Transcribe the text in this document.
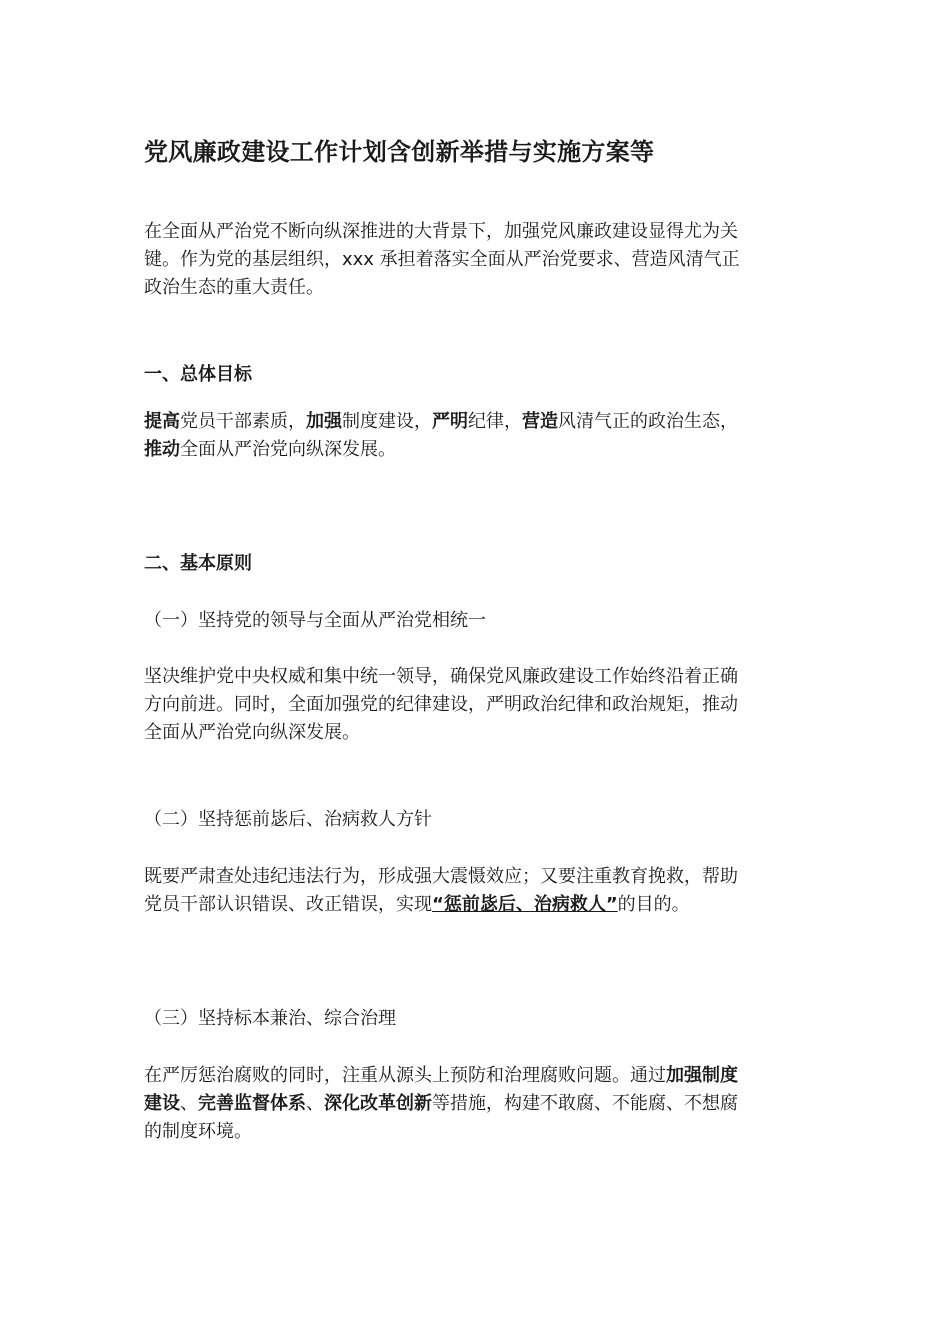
党风廉政建设工作计划含创新举措与实施方案等
在全面从严治党不断向纵深推进的大背景下，加强党风廉政建设显得尤为关
键。作为党的基层组织，xxx 承担着落实全面从严治党要求、营造风清气正
政治生态的重大责任。
一、总体目标
提高党员干部素质，加强制度建设，严明纪律，营造风清气正的政治生态，
推动全面从严治党向纵深发展。
二、基本原则
（一）坚持党的领导与全面从严治党相统一
坚决维护党中央权威和集中统一领导，确保党风廉政建设工作始终沿着正确
方向前进。同时，全面加强党的纪律建设，严明政治纪律和政治规矩，推动
全面从严治党向纵深发展。
（二）坚持惩前毖后、治病救人方针
既要严肃查处违纪违法行为，形成强大震慑效应；又要注重教育挽救，帮助
党员干部认识错误、改正错误，实现“惩前毖后、治病救人”的目的。
（三）坚持标本兼治、综合治理
在严厉惩治腐败的同时，注重从源头上预防和治理腐败问题。通过加强制度
建设、完善监督体系、深化改革创新等措施，构建不敢腐、不能腐、不想腐
的制度环境。
